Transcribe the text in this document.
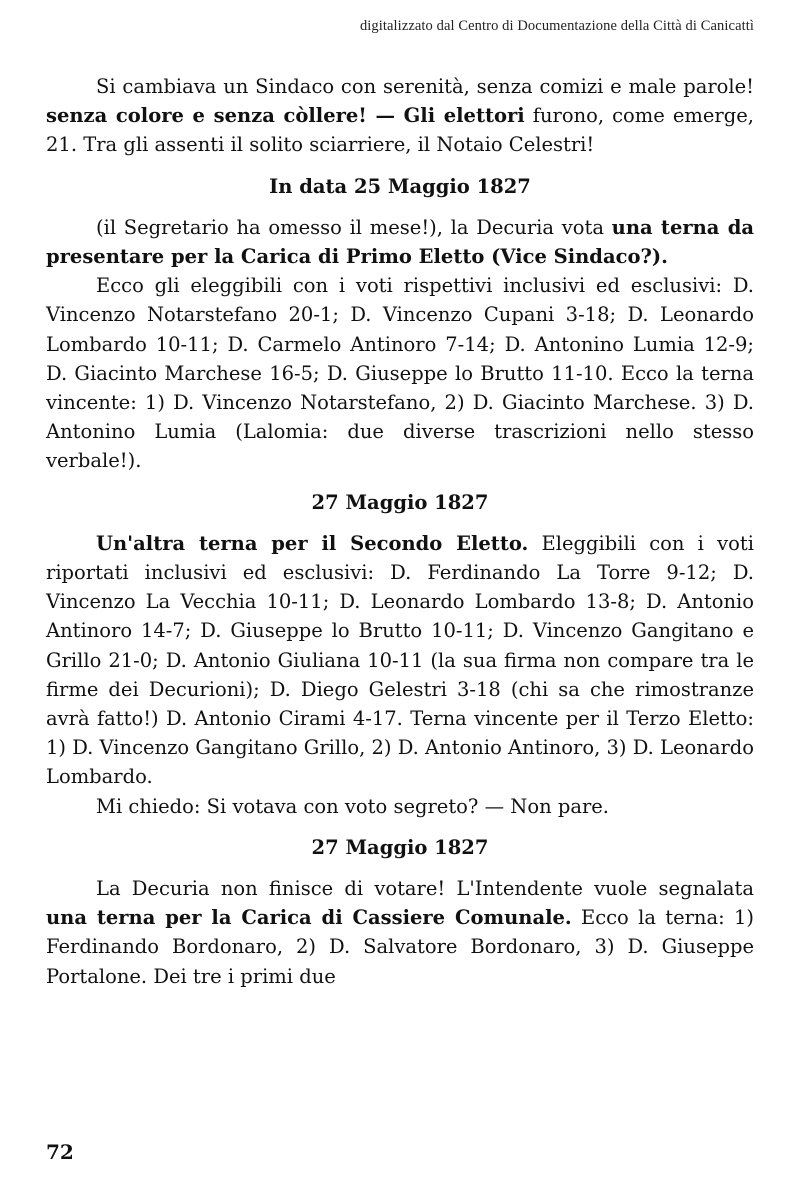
digitalizzato dal Centro di Documentazione della Città di Canicattì

Si cambiava un Sindaco con serenità, senza comizi e male parole! senza colore e senza còllere! — Gli elettori furono, come emerge, 21. Tra gli assenti il solito sciarriere, il Notaio Celestri!

In data 25 Maggio 1827

(il Segretario ha omesso il mese!), la Decuria vota una terna da presentare per la Carica di Primo Eletto (Vice Sindaco?).

Ecco gli eleggibili con i voti rispettivi inclusivi ed esclusivi: D. Vincenzo Notarstefano 20-1; D. Vincenzo Cupani 3-18; D. Leonardo Lombardo 10-11; D. Carmelo Antinoro 7-14; D. Antonino Lumia 12-9; D. Giacinto Marchese 16-5; D. Giuseppe lo Brutto 11-10. Ecco la terna vincente: 1) D. Vincenzo Notarstefano, 2) D. Giacinto Marchese. 3) D. Antonino Lumia (Lalomia: due diverse trascrizioni nello stesso verbale!).

27 Maggio 1827

Un'altra terna per il Secondo Eletto. Eleggibili con i voti riportati inclusivi ed esclusivi: D. Ferdinando La Torre 9-12; D. Vincenzo La Vecchia 10-11; D. Leonardo Lombardo 13-8; D. Antonio Antinoro 14-7; D. Giuseppe lo Brutto 10-11; D. Vincenzo Gangitano e Grillo 21-0; D. Antonio Giuliana 10-11 (la sua firma non compare tra le firme dei Decurioni); D. Diego Gelestri 3-18 (chi sa che rimostranze avrà fatto!) D. Antonio Cirami 4-17. Terna vincente per il Terzo Eletto: 1) D. Vincenzo Gangitano Grillo, 2) D. Antonio Antinoro, 3) D. Leonardo Lombardo.

Mi chiedo: Si votava con voto segreto? — Non pare.

27 Maggio 1827

La Decuria non finisce di votare! L'Intendente vuole segnalata una terna per la Carica di Cassiere Comunale. Ecco la terna: 1) Ferdinando Bordonaro, 2) D. Salvatore Bordonaro, 3) D. Giuseppe Portalone. Dei tre i primi due

72
